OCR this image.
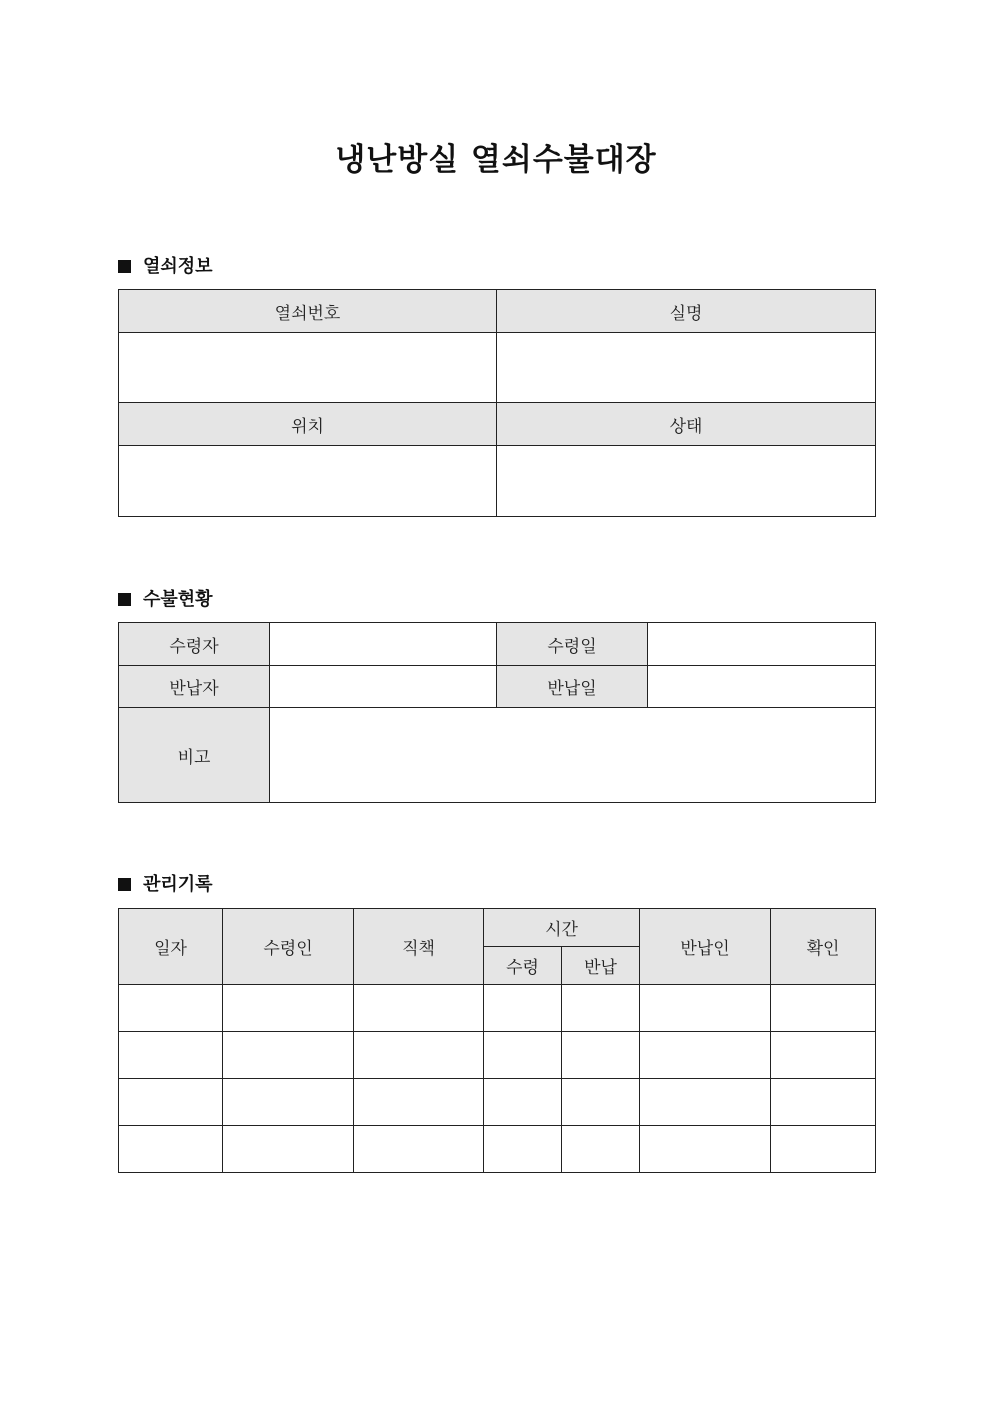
냉난방실 열쇠수불대장
열쇠정보
열쇠번호	실명

위치	상태

수불현황
수령자		수령일	
반납자		반납일	
비고			
관리기록
일자	수령인	직책	시간		반납인	확인
			수령	반납		
